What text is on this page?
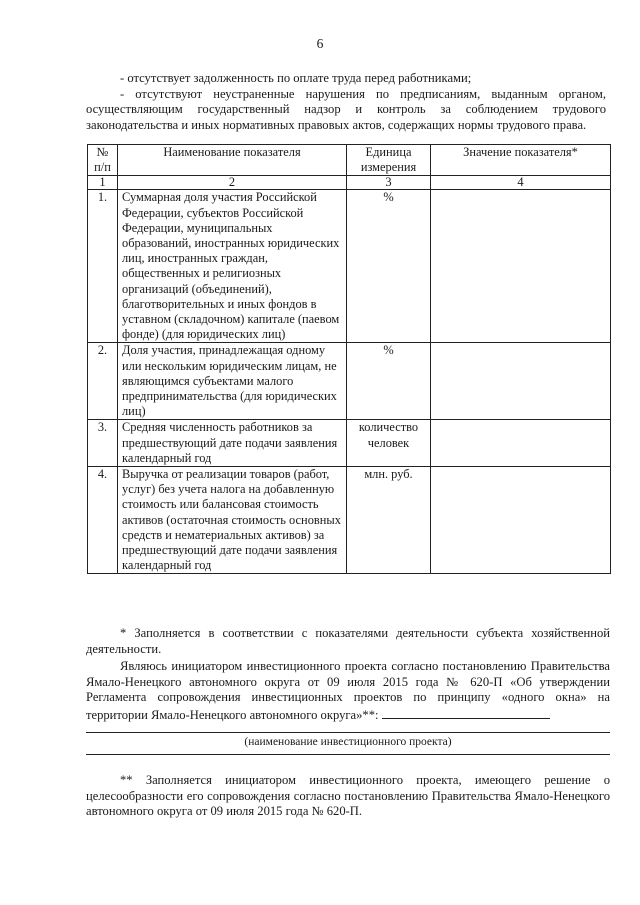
6

- отсутствует задолженность по оплате труда перед работниками;

- отсутствуют неустраненные нарушения по предписаниям, выданным органом, осуществляющим государственный надзор и контроль за соблюдением трудового законодательства и иных нормативных правовых актов, содержащих нормы трудового права.

№ п/п	Наименование показателя	Единица измерения	Значение показателя*
1	2	3	4
1.	Суммарная доля участия Российской Федерации, субъектов Российской Федерации, муниципальных образований, иностранных юридических лиц, иностранных граждан, общественных и религиозных организаций (объединений), благотворительных и иных фондов в уставном (складочном) капитале (паевом фонде) (для юридических лиц)	%	
2.	Доля участия, принадлежащая одному или нескольким юридическим лицам, не являющимся субъектами малого предпринимательства (для юридических лиц)	%	
3.	Средняя численность работников за предшествующий дате подачи заявления календарный год	количество человек	
4.	Выручка от реализации товаров (работ, услуг) без учета налога на добавленную стоимость или балансовая стоимость активов (остаточная стоимость основных средств и нематериальных активов) за предшествующий дате подачи заявления календарный год	млн. руб.	

* Заполняется в соответствии с показателями деятельности субъекта хозяйственной деятельности.

Являюсь инициатором инвестиционного проекта согласно постановлению Правительства Ямало-Ненецкого автономного округа от 09 июля 2015 года № 620-П «Об утверждении Регламента сопровождения инвестиционных проектов по принципу «одного окна» на территории Ямало-Ненецкого автономного округа»**:

(наименование инвестиционного проекта)

** Заполняется инициатором инвестиционного проекта, имеющего решение о целесообразности его сопровождения согласно постановлению Правительства Ямало-Ненецкого автономного округа от 09 июля 2015 года № 620-П.
